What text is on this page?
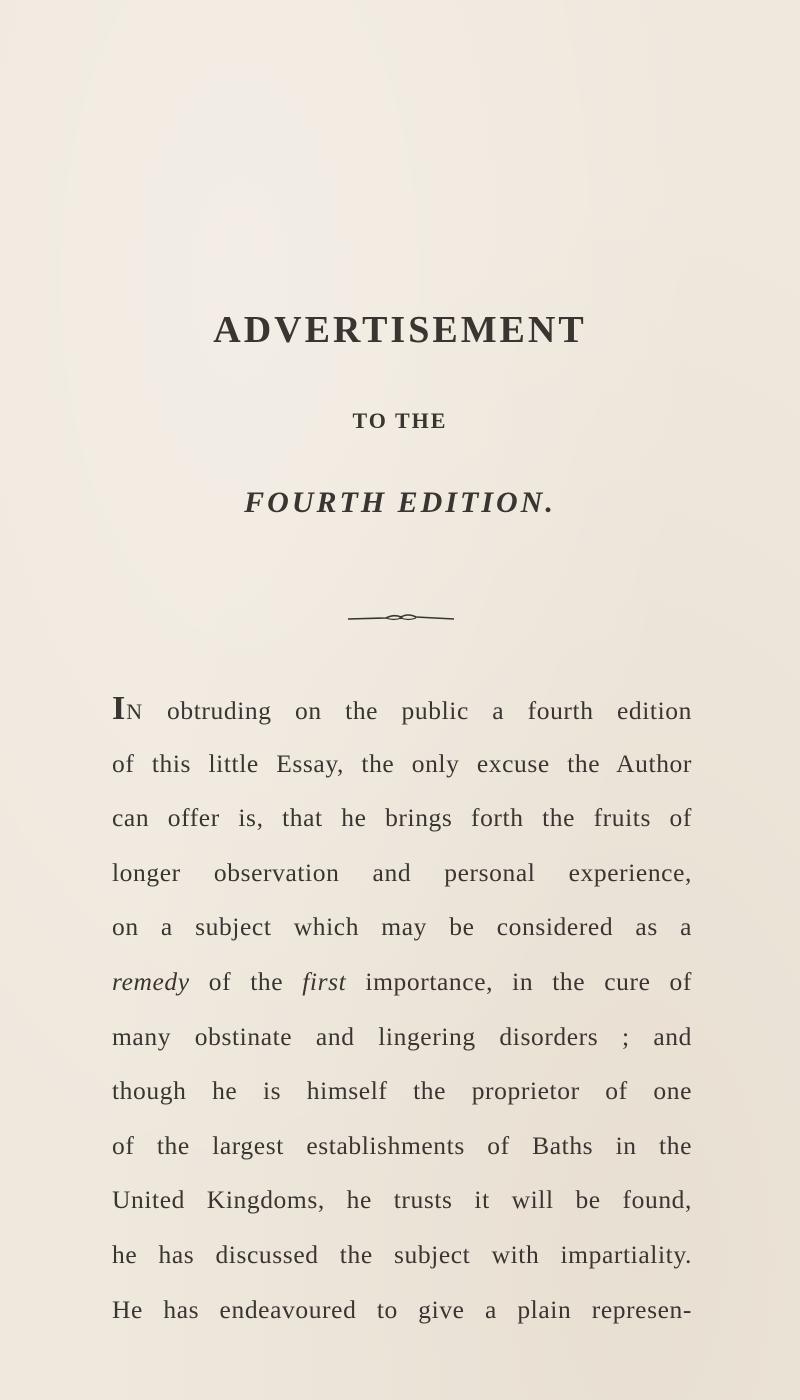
ADVERTISEMENT
TO THE
FOURTH EDITION.
IN obtruding on the public a fourth edition
of this little Essay, the only excuse the Author
can offer is, that he brings forth the fruits of
longer observation and personal experience,
on a subject which may be considered as a
remedy of the first importance, in the cure of
many obstinate and lingering disorders ; and
though he is himself the proprietor of one
of the largest establishments of Baths in the
United Kingdoms, he trusts it will be found,
he has discussed the subject with impartiality.
He has endeavoured to give a plain represen-
